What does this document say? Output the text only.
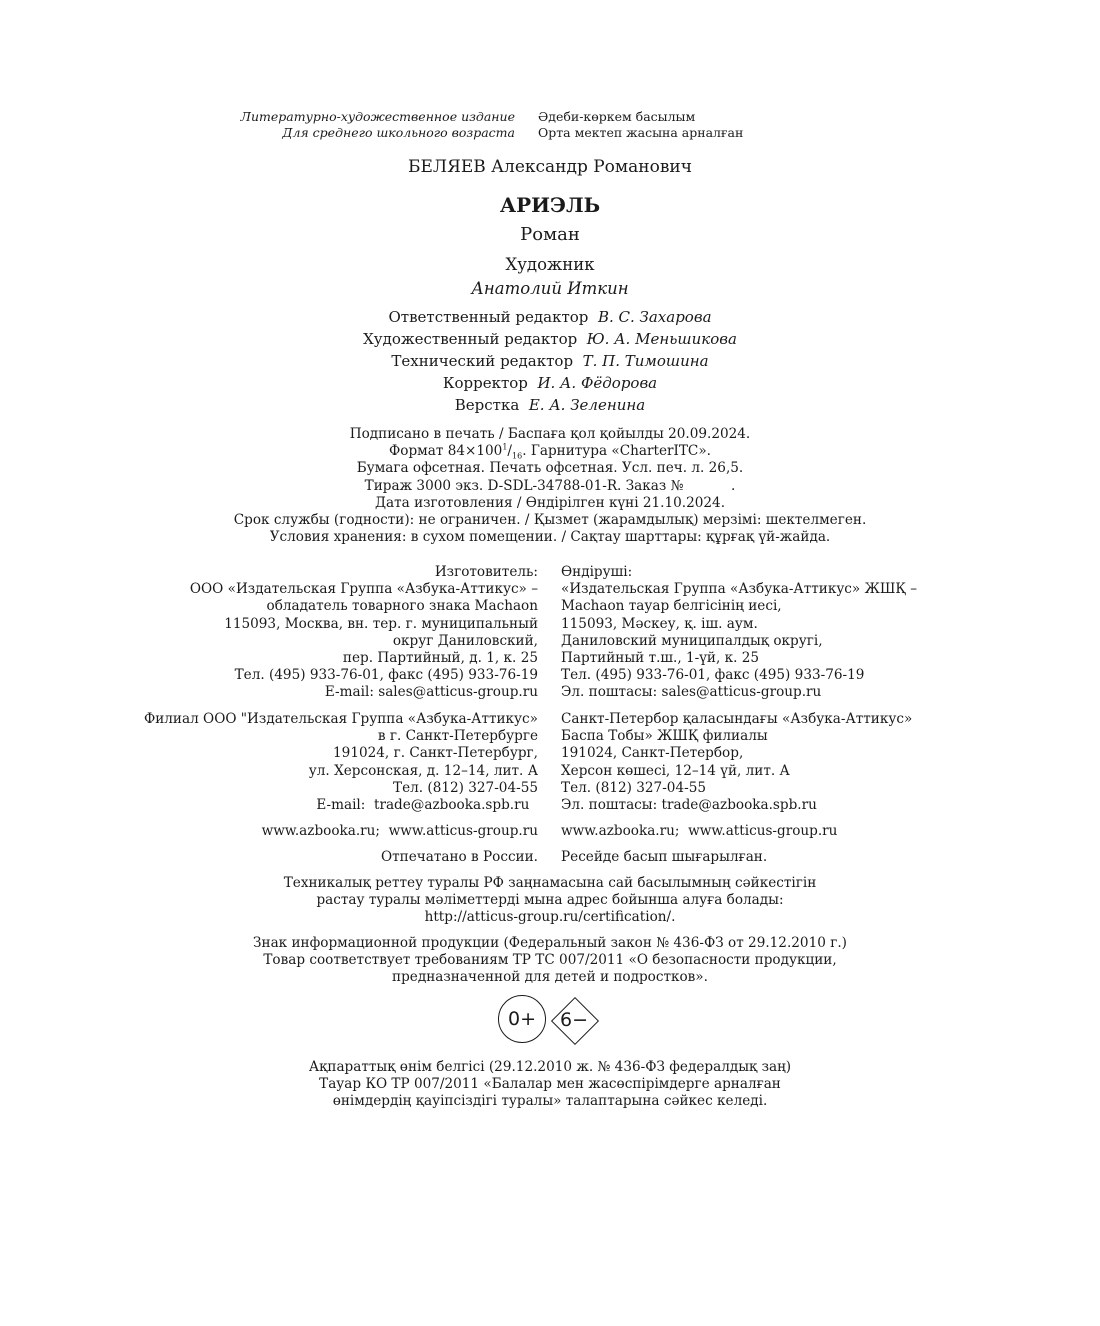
Литературно-художественное издание	Әдеби-көркем басылым
Для среднего школьного возраста	Орта мектеп жасына арналған
БЕЛЯЕВ Александр Романович
АРИЭЛЬ
Роман
Художник
Анатолий Иткин
Ответственный редактор В. С. Захарова
Художественный редактор Ю. А. Меньшикова
Технический редактор Т. П. Тимошина
Корректор И. А. Фёдорова
Верстка Е. А. Зеленина
Подписано в печать / Баспаға қол қойылды 20.09.2024.
Формат $84\times 100^1/_{16}$. Гарнитура «CharterITC».
Бумага офсетная. Печать офсетная. Усл. печ. л. 26,5.
Тираж 3000 экз. D-SDL-34788-01-R. Заказ №           .
Дата изготовления / Өндірілген күні 21.10.2024.
Срок службы (годности): не ограничен. / Қызмет (жарамдылық) мерзімі: шектелмеген.
Условия хранения: в сухом помещении. / Сақтау шарттары: құрғақ үй-жайда.
Изготовитель:	Өндіруші:
ООО «Издательская Группа «Азбука-Аттикус» –	«Издательская Группа «Азбука-Аттикус» ЖШҚ –
обладатель товарного знака Machaon	Machaon тауар белгісінің иесі,
115093, Москва, вн. тер. г. муниципальный	115093, Мәскеу, қ. іш. аум.
округ Даниловский,	Даниловский муниципалдық округі,
пер. Партийный, д. 1, к. 25	Партийный т.ш., 1-үй, к. 25
Тел. (495) 933-76-01, факс (495) 933-76-19	Тел. (495) 933-76-01, факс (495) 933-76-19
E-mail: sales@atticus-group.ru	Эл. поштасы: sales@atticus-group.ru
Филиал ООО "Издательская Группа «Азбука-Аттикус»	Санкт-Петербор қаласындағы «Азбука-Аттикус»
в г. Санкт-Петербурге	Баспа Тобы» ЖШҚ филиалы
191024, г. Санкт-Петербург,	191024, Санкт-Петербор,
ул. Херсонская, д. 12–14, лит. А	Херсон көшесі, 12–14 үй, лит. А
Тел. (812) 327-04-55	Тел. (812) 327-04-55
E-mail:  trade@azbooka.spb.ru	Эл. поштасы: trade@azbooka.spb.ru
www.azbooka.ru;  www.atticus-group.ru	www.azbooka.ru;  www.atticus-group.ru
Отпечатано в России.	Ресейде басып шығарылған.
Техникалық реттеу туралы РФ заңнамасына сай басылымның сәйкестігін
растау туралы мәліметтерді мына адрес бойынша алуға болады:
http://atticus-group.ru/certification/.
Знак информационной продукции (Федеральный закон № 436-ФЗ от 29.12.2010 г.)
Товар соответствует требованиям ТР ТС 007/2011 «О безопасности продукции,
предназначенной для детей и подростков».
0+	6−
Ақпараттық өнім белгісі (29.12.2010 ж. № 436-ФЗ федералдық заң)
Тауар КО ТР 007/2011 «Балалар мен жасөспірімдерге арналған
өнімдердің қауіпсіздігі туралы» талаптарына сәйкес келеді.
